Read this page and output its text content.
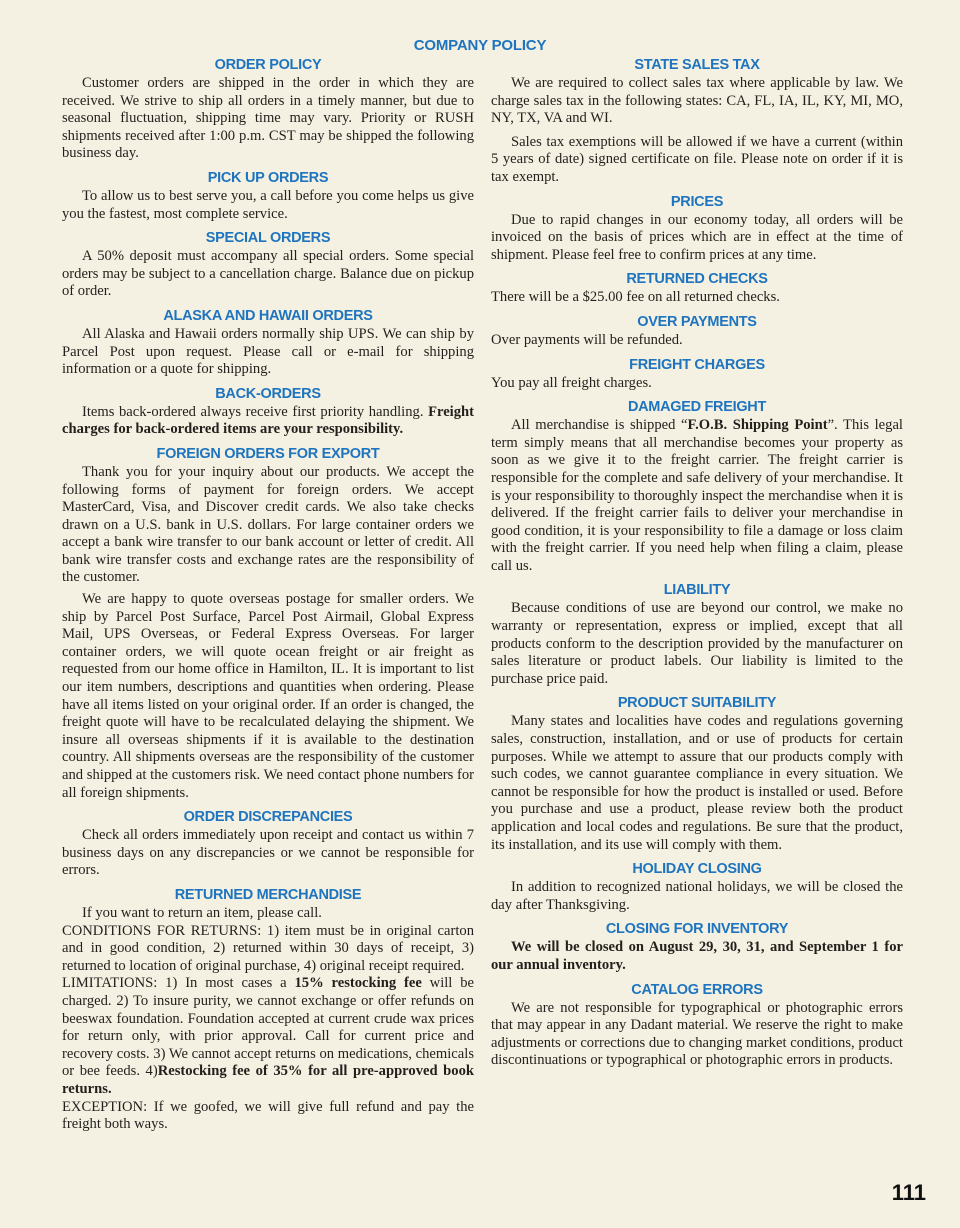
COMPANY POLICY
ORDER POLICY

Customer orders are shipped in the order in which they are received. We strive to ship all orders in a timely manner, but due to seasonal fluctuation, shipping time may vary. Priority or RUSH shipments received after 1:00 p.m. CST may be shipped the following business day.

PICK UP ORDERS

To allow us to best serve you, a call before you come helps us give you the fastest, most complete service.

SPECIAL ORDERS

A 50% deposit must accompany all special orders. Some special orders may be subject to a cancellation charge. Balance due on pickup of order.

ALASKA AND HAWAII ORDERS

All Alaska and Hawaii orders normally ship UPS. We can ship by Parcel Post upon request. Please call or e-mail for shipping information or a quote for shipping.

BACK-ORDERS

Items back-ordered always receive first priority handling. Freight charges for back-ordered items are your responsibility.

FOREIGN ORDERS FOR EXPORT

Thank you for your inquiry about our products. We accept the following forms of payment for foreign orders. We accept MasterCard, Visa, and Discover credit cards. We also take checks drawn on a U.S. bank in U.S. dollars. For large container orders we accept a bank wire transfer to our bank account or letter of credit. All bank wire transfer costs and exchange rates are the responsibility of the customer.

We are happy to quote overseas postage for smaller orders. We ship by Parcel Post Surface, Parcel Post Airmail, Global Express Mail, UPS Overseas, or Federal Express Overseas. For larger container orders, we will quote ocean freight or air freight as requested from our home office in Hamilton, IL. It is important to list our item numbers, descriptions and quantities when ordering. Please have all items listed on your original order. If an order is changed, the freight quote will have to be recalculated delaying the shipment. We insure all overseas shipments if it is available to the destination country. All shipments overseas are the responsibility of the customer and shipped at the customers risk. We need contact phone numbers for all foreign shipments.

ORDER DISCREPANCIES

Check all orders immediately upon receipt and contact us within 7 business days on any discrepancies or we cannot be responsible for errors.

RETURNED MERCHANDISE

If you want to return an item, please call.

CONDITIONS FOR RETURNS: 1) item must be in original carton and in good condition, 2) returned within 30 days of receipt, 3) returned to location of original purchase, 4) original receipt required.

LIMITATIONS: 1) In most cases a 15% restocking fee will be charged. 2) To insure purity, we cannot exchange or offer refunds on beeswax foundation. Foundation accepted at current crude wax prices for return only, with prior approval. Call for current price and recovery costs. 3) We cannot accept returns on medications, chemicals or bee feeds. 4)Restocking fee of 35% for all pre-approved book returns.

EXCEPTION: If we goofed, we will give full refund and pay the freight both ways.

STATE SALES TAX

We are required to collect sales tax where applicable by law. We charge sales tax in the following states: CA, FL, IA, IL, KY, MI, MO, NY, TX, VA and WI.

Sales tax exemptions will be allowed if we have a current (within 5 years of date) signed certificate on file. Please note on order if it is tax exempt.

PRICES

Due to rapid changes in our economy today, all orders will be invoiced on the basis of prices which are in effect at the time of shipment. Please feel free to confirm prices at any time.

RETURNED CHECKS

There will be a $25.00 fee on all returned checks.

OVER PAYMENTS

Over payments will be refunded.

FREIGHT CHARGES

You pay all freight charges.

DAMAGED FREIGHT

All merchandise is shipped “F.O.B. Shipping Point”. This legal term simply means that all merchandise becomes your property as soon as we give it to the freight carrier. The freight carrier is responsible for the complete and safe delivery of your merchandise. It is your responsibility to thoroughly inspect the merchandise when it is delivered. If the freight carrier fails to deliver your merchandise in good condition, it is your responsibility to file a damage or loss claim with the freight carrier. If you need help when filing a claim, please call us.

LIABILITY

Because conditions of use are beyond our control, we make no warranty or representation, express or implied, except that all products conform to the description provided by the manufacturer on sales literature or product labels. Our liability is limited to the purchase price paid.

PRODUCT SUITABILITY

Many states and localities have codes and regulations governing sales, construction, installation, and or use of products for certain purposes. While we attempt to assure that our products comply with such codes, we cannot guarantee compliance in every situation. We cannot be responsible for how the product is installed or used. Before you purchase and use a product, please review both the product application and local codes and regulations. Be sure that the product, its installation, and its use will comply with them.

HOLIDAY CLOSING

In addition to recognized national holidays, we will be closed the day after Thanksgiving.

CLOSING FOR INVENTORY

We will be closed on August 29, 30, 31, and September 1 for our annual inventory.

CATALOG ERRORS

We are not responsible for typographical or photographic errors that may appear in any Dadant material. We reserve the right to make adjustments or corrections due to changing market conditions, product discontinuations or typographical or photographic errors in products.

111
